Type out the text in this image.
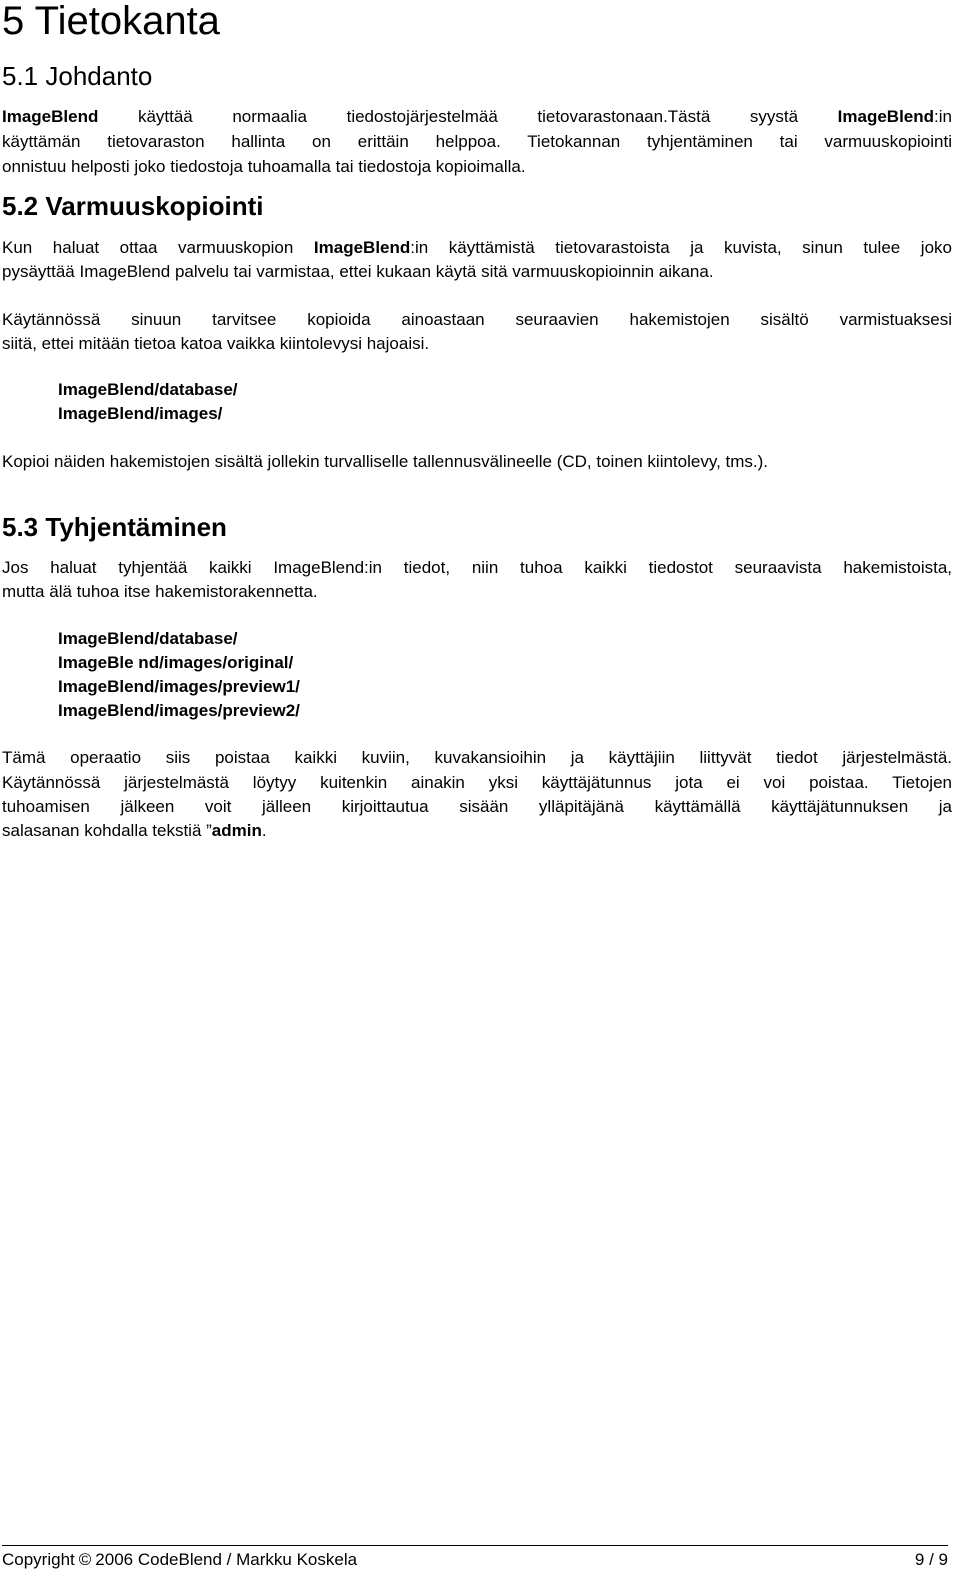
5 Tietokanta
5.1 Johdanto

ImageBlend käyttää normaalia tiedostojärjestelmää tietovarastonaan.Tästä syystä ImageBlend:in

käyttämän tietovaraston hallinta on erittäin helppoa. Tietokannan tyhjentäminen tai varmuuskopiointi

onnistuu helposti joko tiedostoja tuhoamalla tai tiedostoja kopioimalla.

5.2 Varmuuskopiointi

Kun haluat ottaa varmuuskopion ImageBlend:in käyttämistä tietovarastoista ja kuvista, sinun tulee joko

pysäyttää ImageBlend palvelu tai varmistaa, ettei kukaan käytä sitä varmuuskopioinnin aikana.

Käytännössä sinuun tarvitsee kopioida ainoastaan seuraavien hakemistojen sisältö varmistuaksesi

siitä, ettei mitään tietoa katoa vaikka kiintolevysi hajoaisi.

ImageBlend/database/
ImageBlend/images/

Kopioi näiden hakemistojen sisältä jollekin turvalliselle tallennusvälineelle (CD, toinen kiintolevy, tms.).

5.3 Tyhjentäminen

Jos haluat tyhjentää kaikki ImageBlend:in tiedot, niin tuhoa kaikki tiedostot seuraavista hakemistoista,

mutta älä tuhoa itse hakemistorakennetta.

ImageBlend/database/
ImageBle nd/images/original/
ImageBlend/images/preview1/
ImageBlend/images/preview2/

Tämä operaatio siis poistaa kaikki kuviin, kuvakansioihin ja käyttäjiin liittyvät tiedot järjestelmästä.

Käytännössä järjestelmästä löytyy kuitenkin ainakin yksi käyttäjätunnus jota ei voi poistaa. Tietojen

tuhoamisen jälkeen voit jälleen kirjoittautua sisään ylläpitäjänä käyttämällä käyttäjätunnuksen ja

salasanan kohdalla tekstiä ”admin.

Copyright © 2006 CodeBlend / Markku Koskela	9 / 9
